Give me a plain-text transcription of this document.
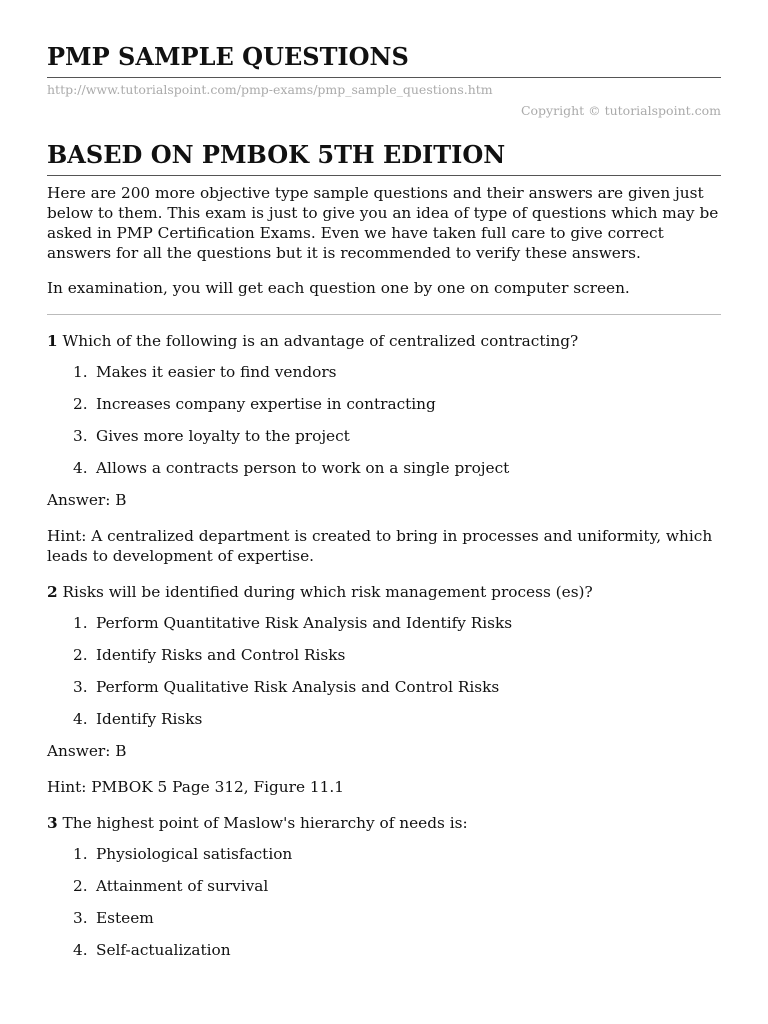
PMP SAMPLE QUESTIONS
http://www.tutorialspoint.com/pmp-exams/pmp_sample_questions.htm
Copyright © tutorialspoint.com
BASED ON PMBOK 5TH EDITION

Here are 200 more objective type sample questions and their answers are given just below to them. This exam is just to give you an idea of type of questions which may be asked in PMP Certification Exams. Even we have taken full care to give correct answers for all the questions but it is recommended to verify these answers.

In examination, you will get each question one by one on computer screen.

1 Which of the following is an advantage of centralized contracting?

1. Makes it easier to find vendors
2. Increases company expertise in contracting
3. Gives more loyalty to the project
4. Allows a contracts person to work on a single project

Answer: B

Hint: A centralized department is created to bring in processes and uniformity, which leads to development of expertise.

2 Risks will be identified during which risk management process (es)?

1. Perform Quantitative Risk Analysis and Identify Risks
2. Identify Risks and Control Risks
3. Perform Qualitative Risk Analysis and Control Risks
4. Identify Risks

Answer: B

Hint: PMBOK 5 Page 312, Figure 11.1

3 The highest point of Maslow's hierarchy of needs is:

1. Physiological satisfaction
2. Attainment of survival
3. Esteem
4. Self-actualization
